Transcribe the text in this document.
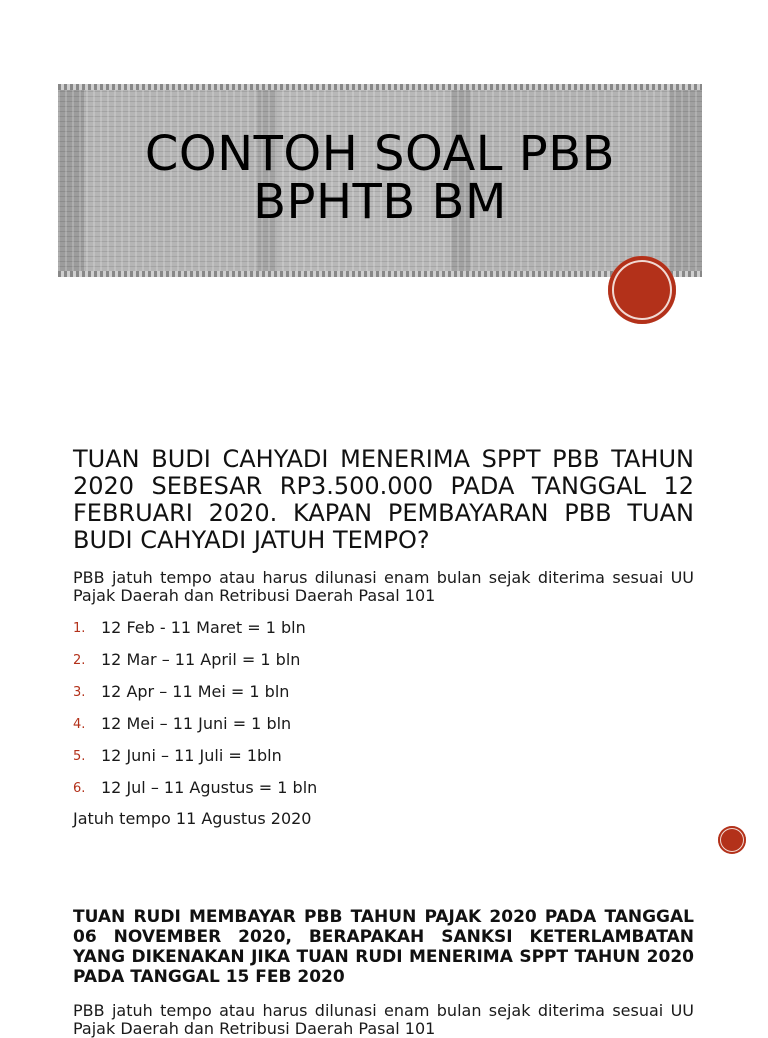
CONTOH SOAL PBB
BPHTB BM
TUAN BUDI CAHYADI MENERIMA SPPT PBB TAHUN 2020 SEBESAR RP3.500.000 PADA TANGGAL 12 FEBRUARI 2020. KAPAN PEMBAYARAN PBB TUAN BUDI CAHYADI JATUH TEMPO?
PBB jatuh tempo atau harus dilunasi enam bulan sejak diterima sesuai UU Pajak Daerah dan Retribusi Daerah Pasal 101
1. 12 Feb - 11 Maret = 1 bln
2. 12 Mar – 11 April = 1 bln
3. 12 Apr – 11 Mei = 1 bln
4. 12 Mei – 11 Juni = 1 bln
5. 12 Juni – 11 Juli = 1bln
6. 12 Jul – 11 Agustus = 1 bln
Jatuh tempo 11 Agustus 2020
TUAN RUDI MEMBAYAR PBB TAHUN PAJAK 2020 PADA TANGGAL 06 NOVEMBER 2020, BERAPAKAH SANKSI KETERLAMBATAN YANG DIKENAKAN JIKA TUAN RUDI MENERIMA SPPT TAHUN 2020 PADA TANGGAL 15 FEB 2020
PBB jatuh tempo atau harus dilunasi enam bulan sejak diterima sesuai UU Pajak Daerah dan Retribusi Daerah Pasal 101
